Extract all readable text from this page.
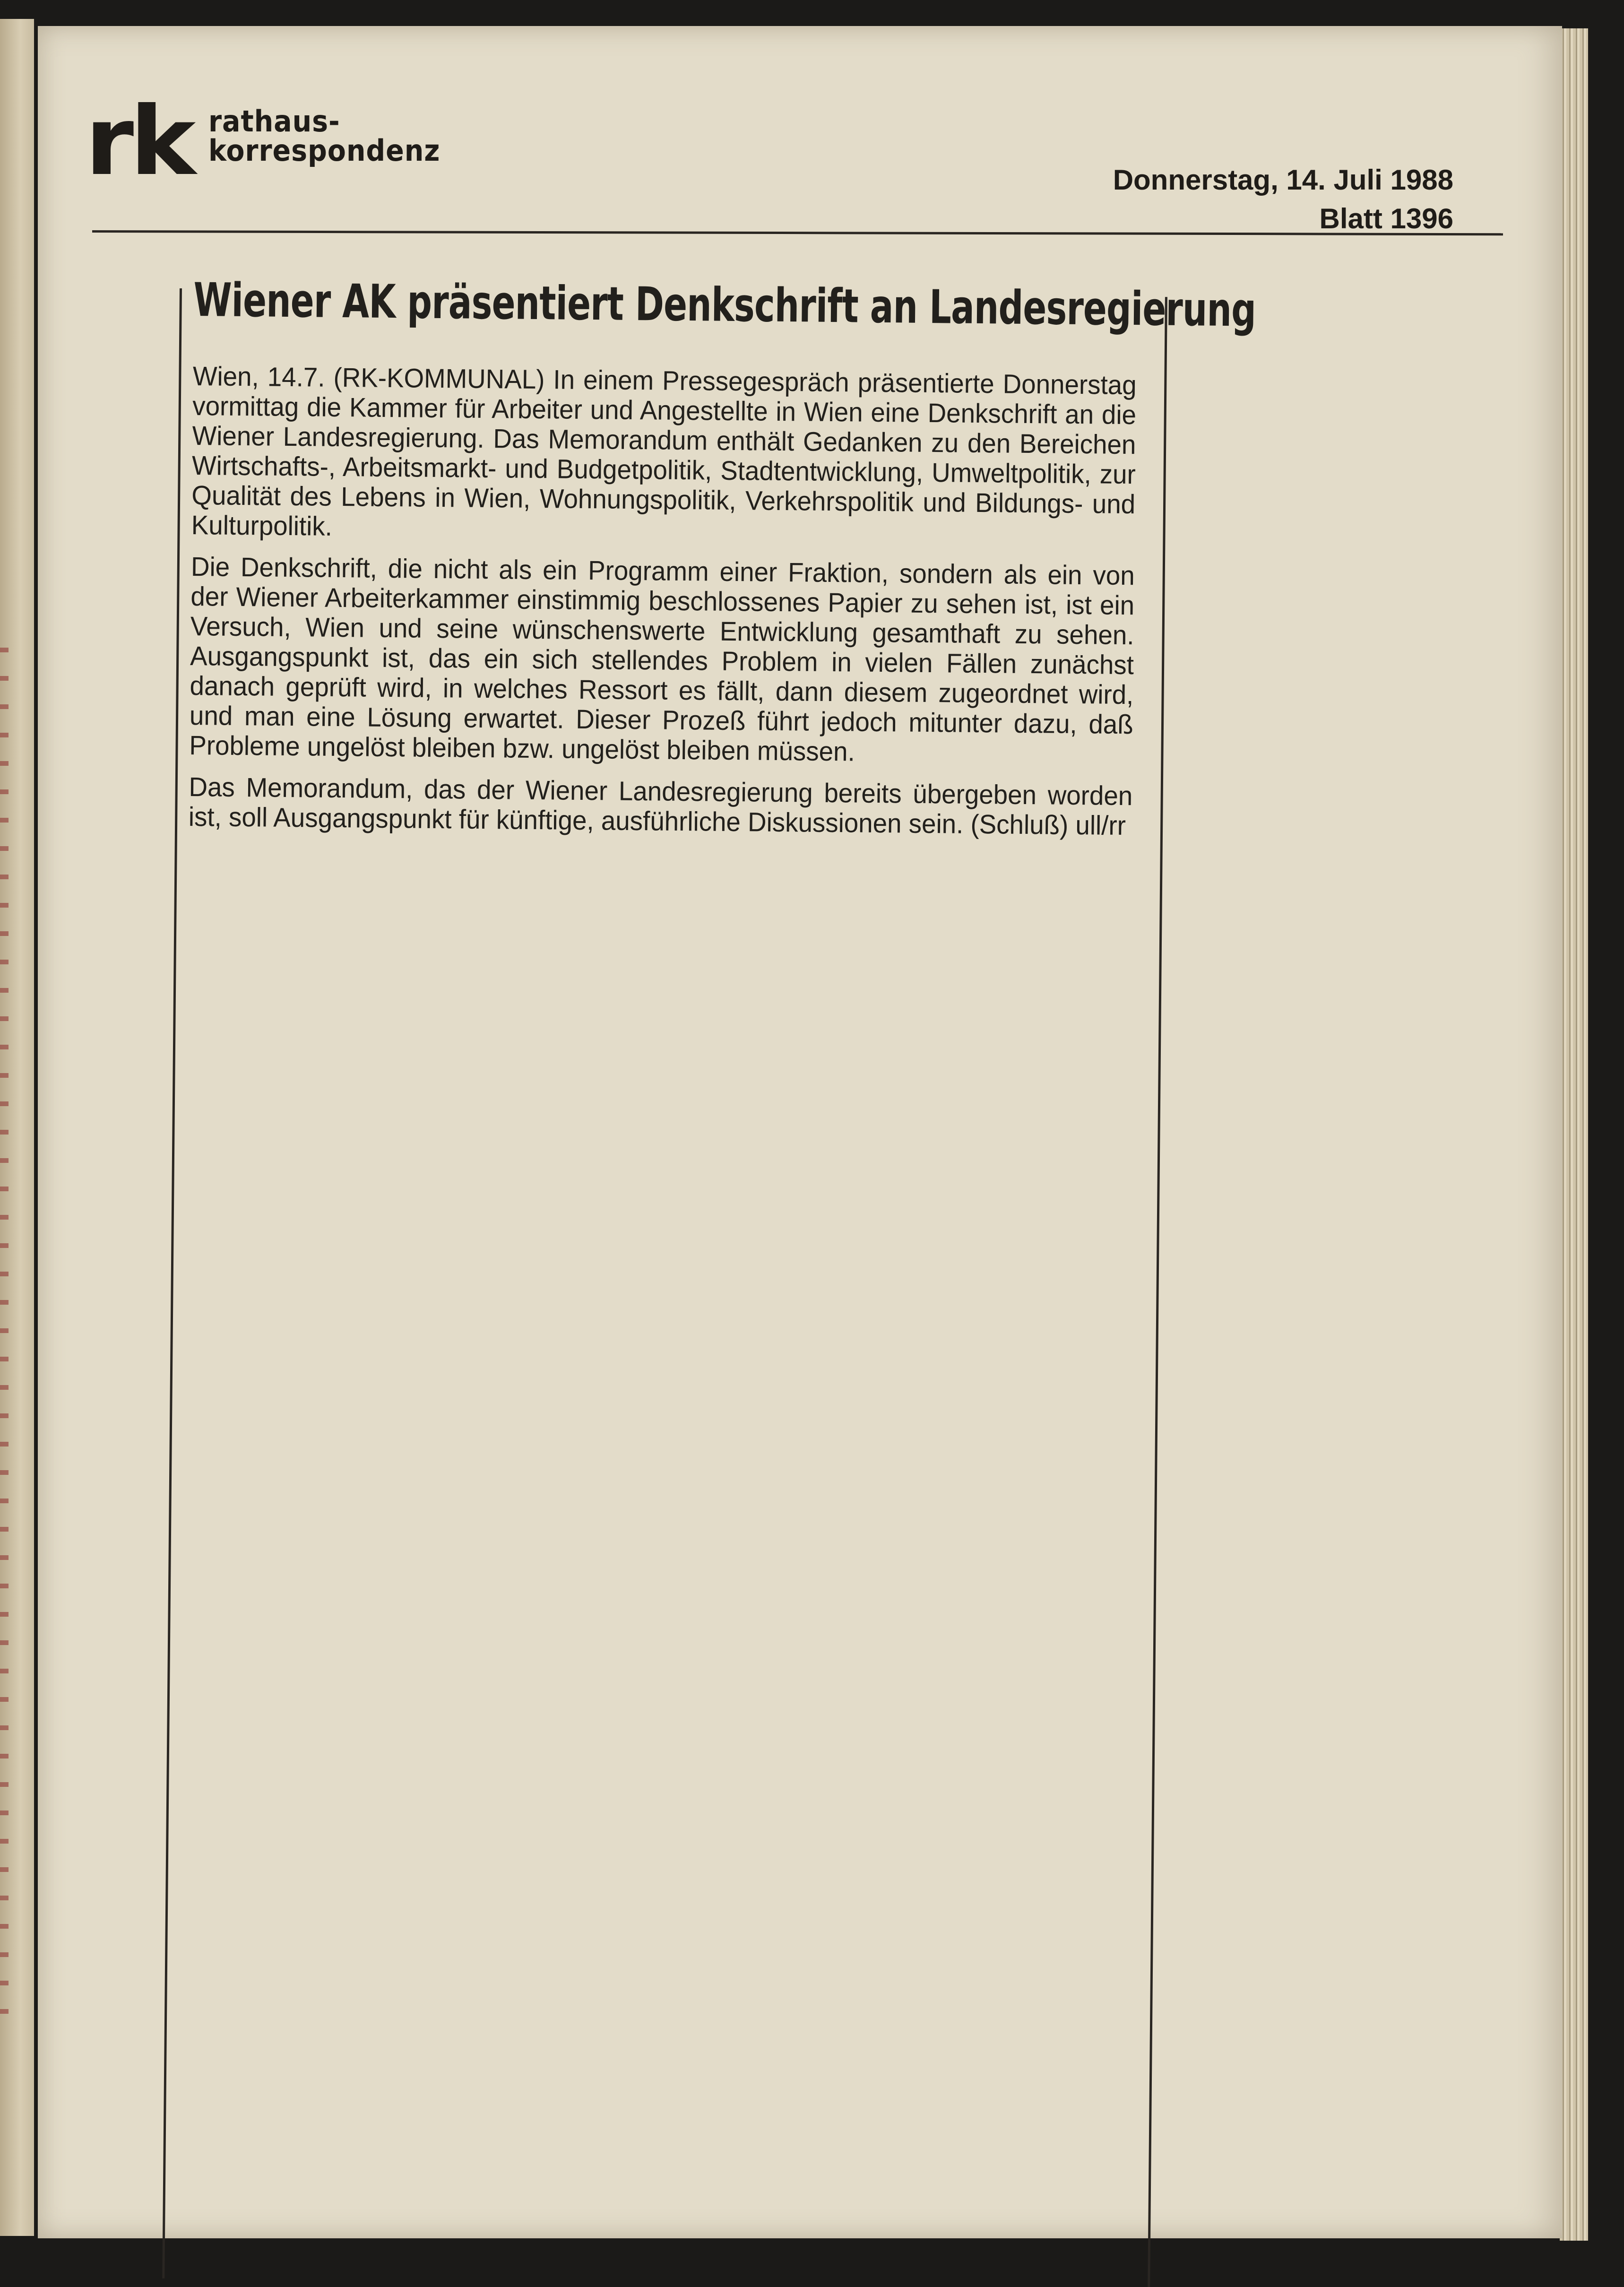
rk rathaus-
korrespondenz
Donnerstag, 14. Juli 1988
Blatt 1396
Wiener AK präsentiert Denkschrift an Landesregierung

Wien, 14.7. (RK-KOMMUNAL) In einem Pressegespräch präsentierte Donnerstag vormittag die Kammer für Arbeiter und Angestellte in Wien eine Denkschrift an die Wiener Landesregierung. Das Memorandum enthält Gedanken zu den Bereichen Wirtschafts-, Arbeitsmarkt- und Budgetpolitik, Stadtentwicklung, Umweltpolitik, zur Qualität des Lebens in Wien, Wohnungspolitik, Verkehrspolitik und Bildungs- und Kulturpolitik.

Die Denkschrift, die nicht als ein Programm einer Fraktion, sondern als ein von der Wiener Arbeiterkammer einstimmig beschlossenes Papier zu sehen ist, ist ein Versuch, Wien und seine wünschenswerte Entwicklung gesamthaft zu sehen. Ausgangspunkt ist, das ein sich stellendes Problem in vielen Fällen zunächst danach geprüft wird, in welches Ressort es fällt, dann diesem zugeordnet wird, und man eine Lösung erwartet. Dieser Prozeß führt jedoch mitunter dazu, daß Probleme ungelöst bleiben bzw. ungelöst bleiben müssen.

Das Memorandum, das der Wiener Landesregierung bereits übergeben worden ist, soll Ausgangspunkt für künftige, ausführliche Diskussionen sein. (Schluß) ull/rr
